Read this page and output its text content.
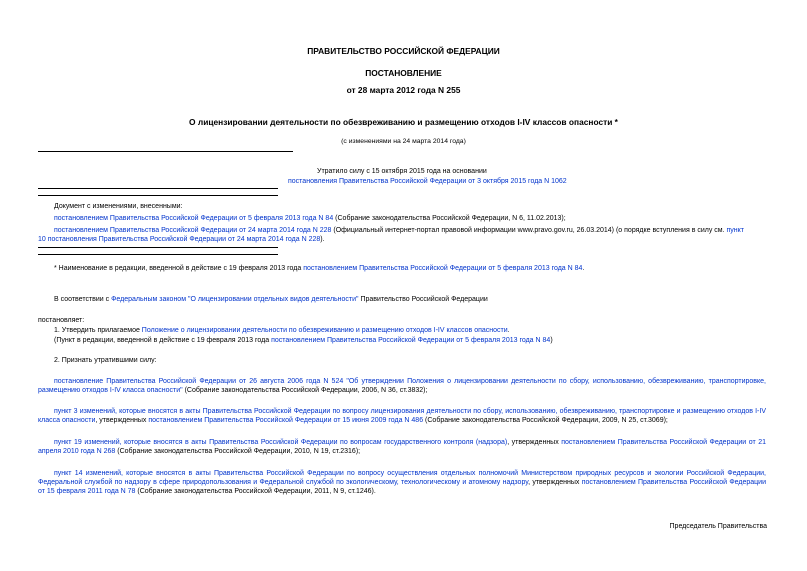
ПРАВИТЕЛЬСТВО РОССИЙСКОЙ ФЕДЕРАЦИИ
ПОСТАНОВЛЕНИЕ
от 28 марта 2012 года N 255
О лицензировании деятельности по обезвреживанию и размещению отходов I-IV классов опасности *
(с изменениями на 24 марта 2014 года)
Утратило силу с 15 октября 2015 года на основании
постановления Правительства Российской Федерации от 3 октября 2015 года N 1062
Документ с изменениями, внесенными:
постановлением Правительства Российской Федерации от 5 февраля 2013 года N 84 (Собрание законодательства Российской Федерации, N 6, 11.02.2013);
постановлением Правительства Российской Федерации от 24 марта 2014 года N 228 (Официальный интернет-портал правовой информации www.pravo.gov.ru, 26.03.2014) (о порядке вступления в силу см. пункт
10 постановления Правительства Российской Федерации от 24 марта 2014 года N 228).
* Наименование в редакции, введенной в действие с 19 февраля 2013 года постановлением Правительства Российской Федерации от 5 февраля 2013 года N 84.
В соответствии с Федеральным законом "О лицензировании отдельных видов деятельности" Правительство Российской Федерации
постановляет:
1. Утвердить прилагаемое Положение о лицензировании деятельности по обезвреживанию и размещению отходов I-IV классов опасности.
(Пункт в редакции, введенной в действие с 19 февраля 2013 года постановлением Правительства Российской Федерации от 5 февраля 2013 года N 84)
2. Признать утратившими силу:
постановление Правительства Российской Федерации от 26 августа 2006 года N 524 "Об утверждении Положения о лицензировании деятельности по сбору, использованию, обезвреживанию, транспортировке, размещению отходов I-IV класса опасности" (Собрание законодательства Российской Федерации, 2006, N 36, ст.3832);
пункт 3 изменений, которые вносятся в акты Правительства Российской Федерации по вопросу лицензирования деятельности по сбору, использованию, обезвреживанию, транспортировке и размещению отходов I-IV класса опасности, утвержденных постановлением Правительства Российской Федерации от 15 июня 2009 года N 486 (Собрание законодательства Российской Федерации, 2009, N 25, ст.3069);
пункт 19 изменений, которые вносятся в акты Правительства Российской Федерации по вопросам государственного контроля (надзора), утвержденных постановлением Правительства Российской Федерации от 21 апреля 2010 года N 268 (Собрание законодательства Российской Федерации, 2010, N 19, ст.2316);
пункт 14 изменений, которые вносятся в акты Правительства Российской Федерации по вопросу осуществления отдельных полномочий Министерством природных ресурсов и экологии Российской Федерации, Федеральной службой по надзору в сфере природопользования и Федеральной службой по экологическому, технологическому и атомному надзору, утвержденных постановлением Правительства Российской Федерации от 15 февраля 2011 года N 78 (Собрание законодательства Российской Федерации, 2011, N 9, ст.1246).
Председатель Правительства
